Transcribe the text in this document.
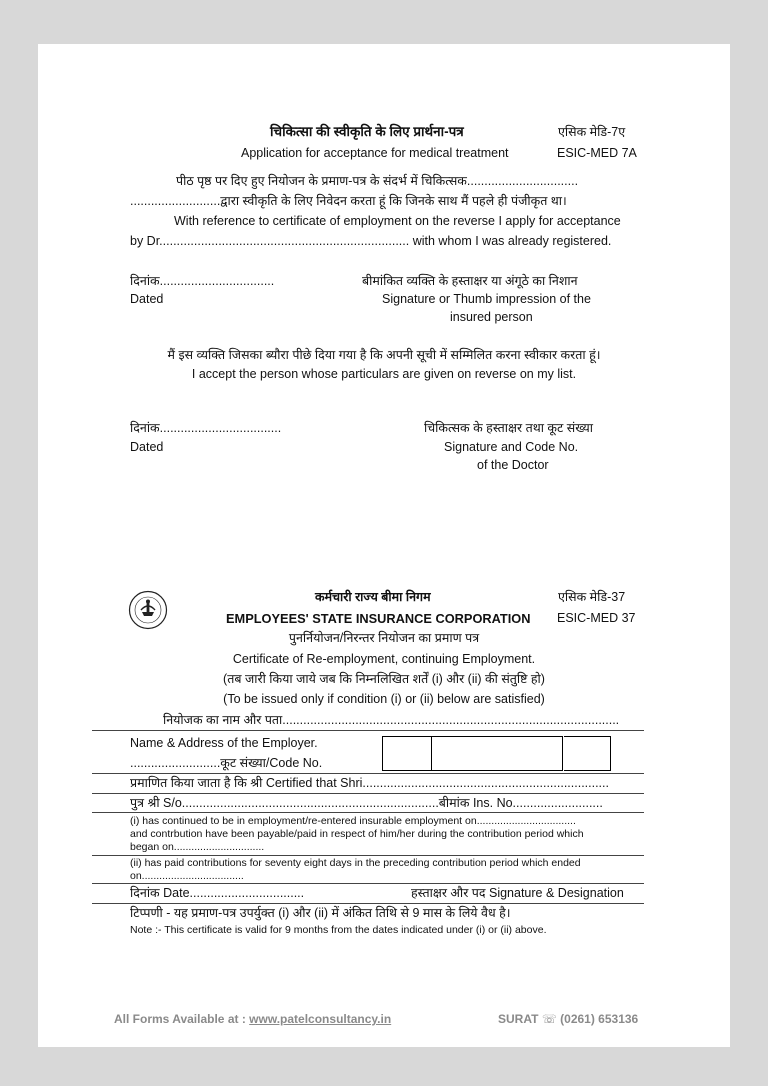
चिकित्सा की स्वीकृति के लिए प्रार्थना-पत्र	एसिक मेडि-7ए
Application for acceptance for medical treatment	ESIC-MED 7A
पीठ पृष्ठ पर दिए हुए नियोजन के प्रमाण-पत्र के संदर्भ में चिकित्सक................................
..........................द्वारा स्वीकृति के लिए निवेदन करता हूं कि जिनके साथ मैं पहले ही पंजीकृत था।
With reference to certificate of employment on the reverse I apply for acceptance
by Dr........................................................................ with whom I was already registered.
दिनांक.................................
Dated
बीमांकित व्यक्ति के हस्ताक्षर या अंगूठे का निशान
Signature or Thumb impression of the
insured person
मैं इस व्यक्ति जिसका ब्यौरा पीछे दिया गया है कि अपनी सूची में सम्मिलित करना स्वीकार करता हूं।
I accept the person whose particulars are given on reverse on my list.
दिनांक...................................
Dated
चिकित्सक के हस्ताक्षर तथा कूट संख्या
Signature and Code No.
of the Doctor
कर्मचारी राज्य बीमा निगम	एसिक मेडि-37
EMPLOYEES' STATE INSURANCE CORPORATION ESIC-MED 37
पुनर्नियोजन/निरन्तर नियोजन का प्रमाण पत्र
Certificate of Re-employment, continuing Employment.
(तब जारी किया जाये जब कि निम्नलिखित शर्तें (i) और (ii) की संतुष्टि हो)
(To be issued only if condition (i) or (ii) below are satisfied)
नियोजक का नाम और पता.................................................................................................
Name & Address of the Employer.
..........................कूट संख्या/Code No.
प्रमाणित किया जाता है कि श्री Certified that Shri.......................................................................
पुत्र श्री S/o..........................................................................बीमांक Ins. No..........................
(i) has continued to be in employment/re-entered insurable employment on..................................
and contrbution have been payable/paid in respect of him/her during the contribution period which
began on...............................
(ii) has paid contributions for seventy eight days in the preceding contribution period which ended
on...................................
दिनांक Date.................................	हस्ताक्षर और पद Signature & Designation
टिप्पणी - यह प्रमाण-पत्र उपर्युक्त (i) और (ii) में अंकित तिथि से 9 मास के लिये वैध है।
Note :- This certificate is valid for 9 months from the dates indicated under (i) or (ii) above.
All Forms Available at : www.patelconsultancy.in	SURAT ☏ (0261) 653136
